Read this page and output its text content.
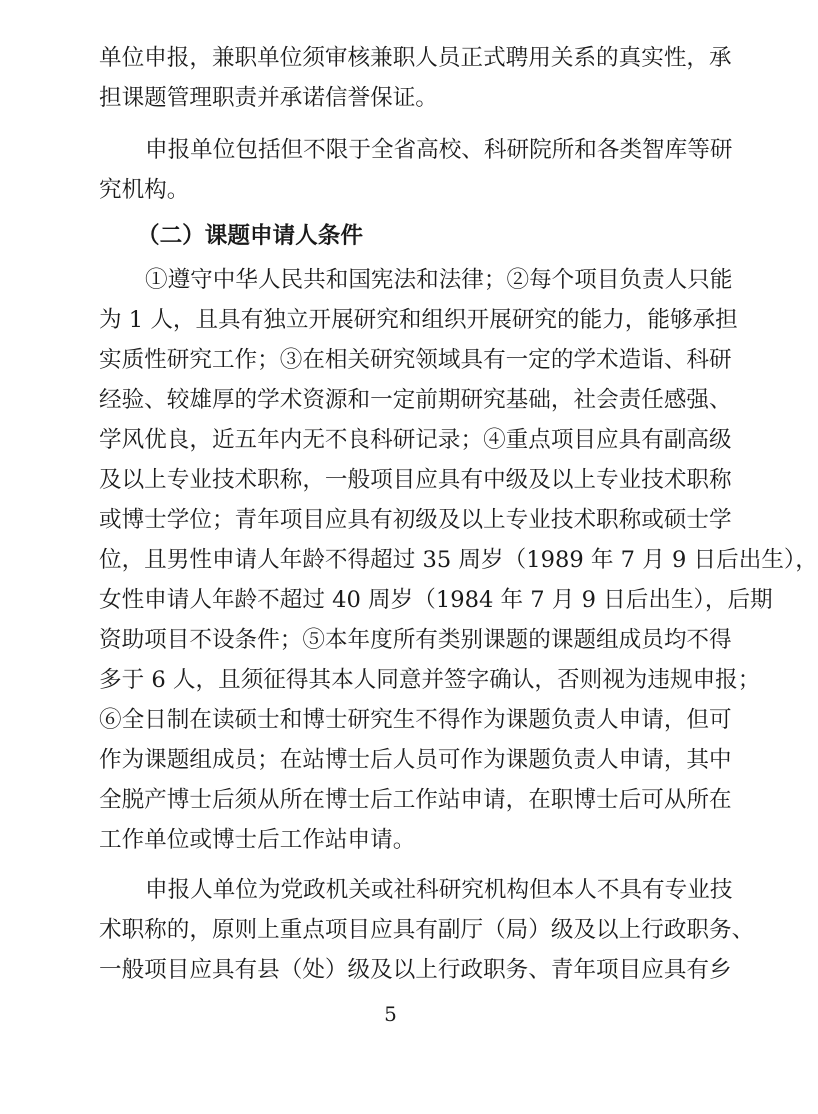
单位申报，兼职单位须审核兼职人员正式聘用关系的真实性，承
担课题管理职责并承诺信誉保证。
申报单位包括但不限于全省高校、科研院所和各类智库等研
究机构。
（二）课题申请人条件
①遵守中华人民共和国宪法和法律；②每个项目负责人只能
为 1 人，且具有独立开展研究和组织开展研究的能力，能够承担
实质性研究工作；③在相关研究领域具有一定的学术造诣、科研
经验、较雄厚的学术资源和一定前期研究基础，社会责任感强、
学风优良，近五年内无不良科研记录；④重点项目应具有副高级
及以上专业技术职称，一般项目应具有中级及以上专业技术职称
或博士学位；青年项目应具有初级及以上专业技术职称或硕士学
位，且男性申请人年龄不得超过 35 周岁（1989 年 7 月 9 日后出生），
女性申请人年龄不超过 40 周岁（1984 年 7 月 9 日后出生），后期
资助项目不设条件；⑤本年度所有类别课题的课题组成员均不得
多于 6 人，且须征得其本人同意并签字确认，否则视为违规申报；
⑥全日制在读硕士和博士研究生不得作为课题负责人申请，但可
作为课题组成员；在站博士后人员可作为课题负责人申请，其中
全脱产博士后须从所在博士后工作站申请，在职博士后可从所在
工作单位或博士后工作站申请。
申报人单位为党政机关或社科研究机构但本人不具有专业技
术职称的，原则上重点项目应具有副厅（局）级及以上行政职务、
一般项目应具有县（处）级及以上行政职务、青年项目应具有乡
5
